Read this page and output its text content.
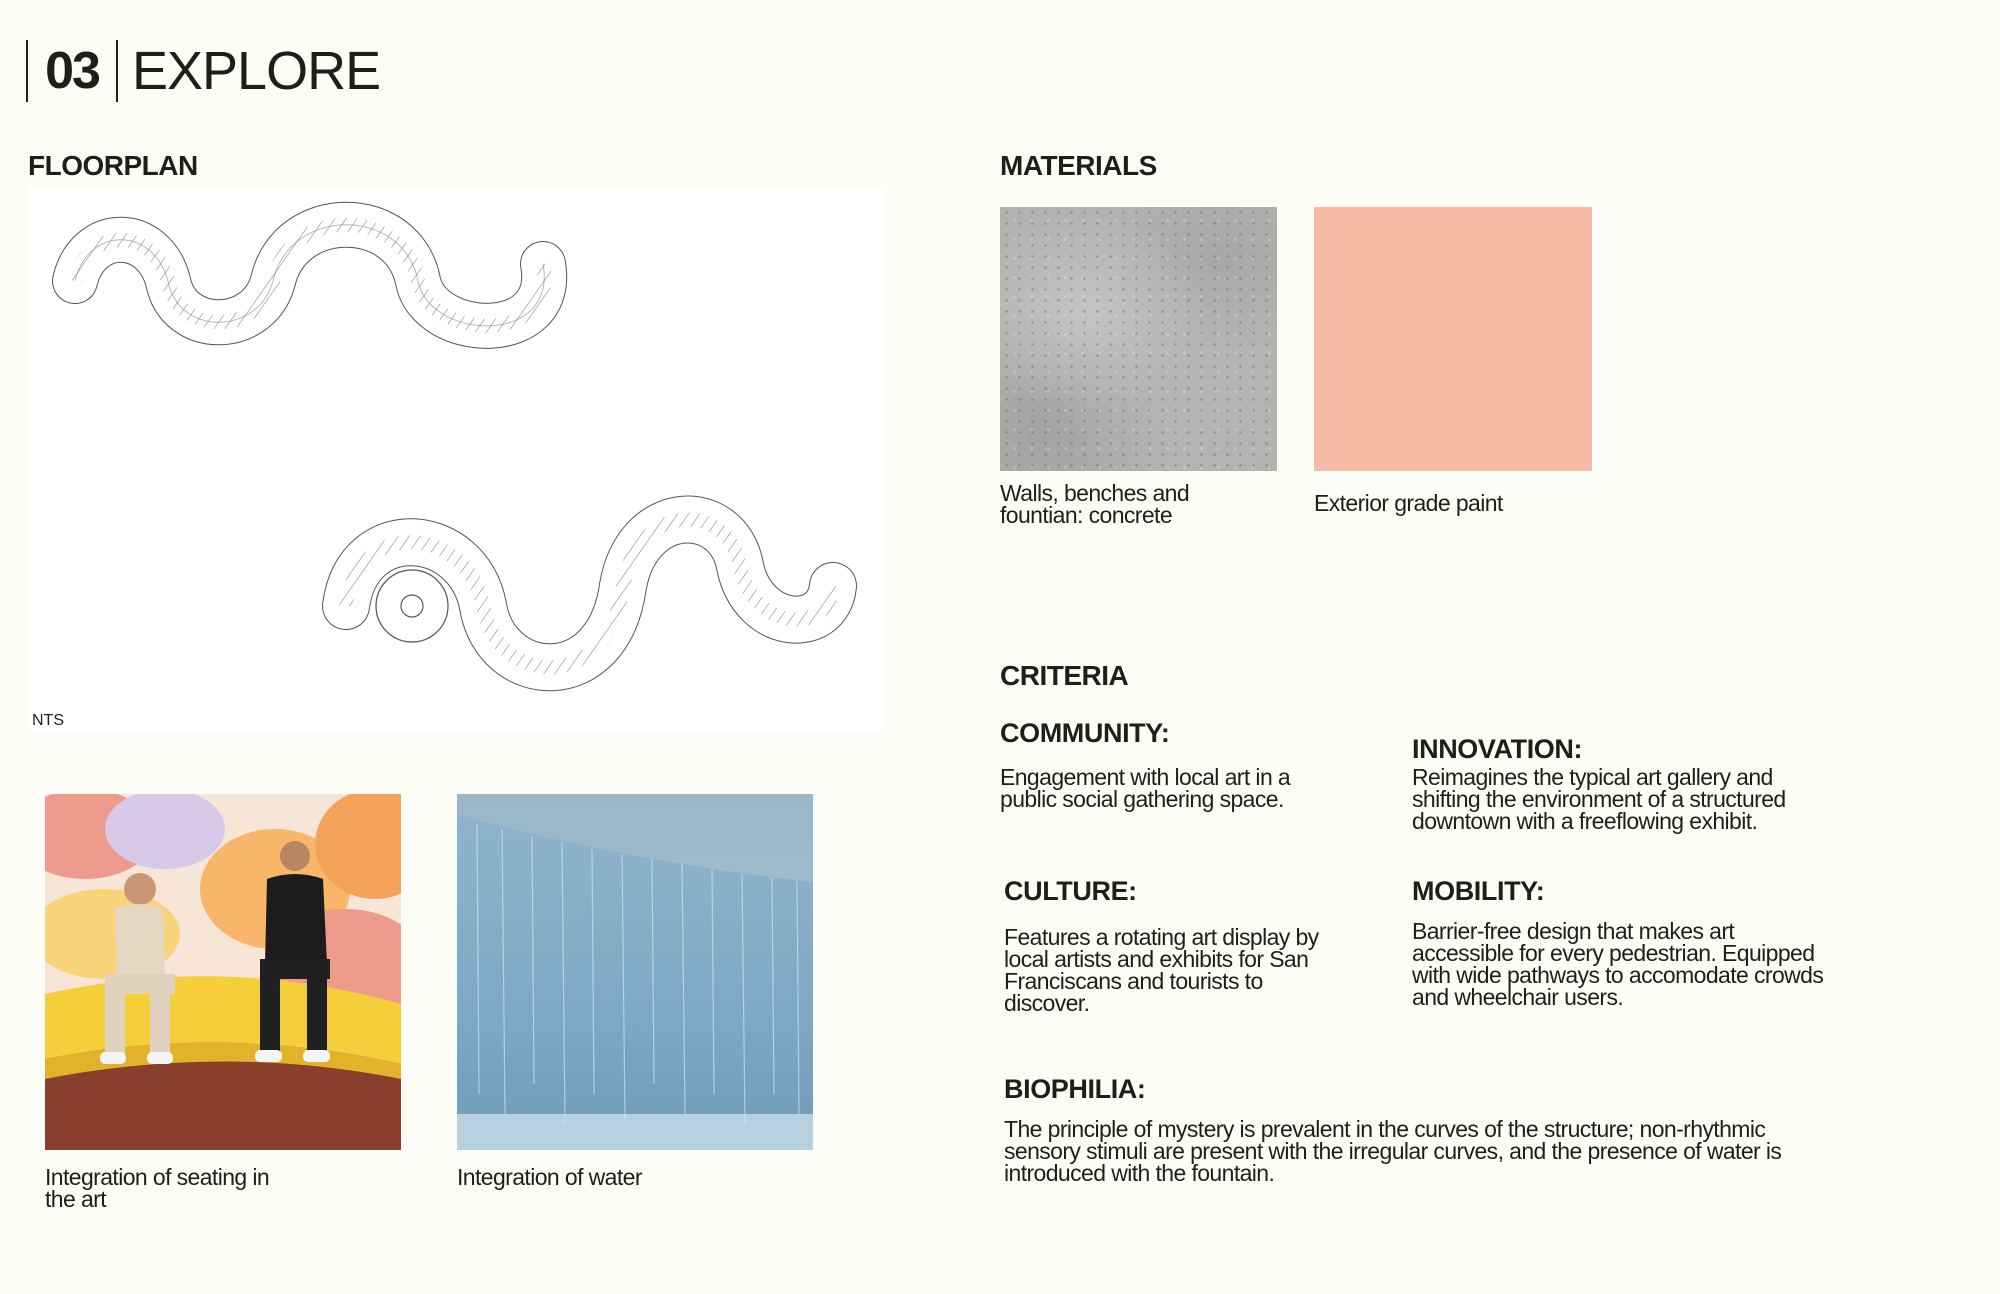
03 EXPLORE
FLOORPLAN
NTS
Integration of seating in
the art
Integration of water
MATERIALS
Walls, benches and
fountian: concrete	Exterior grade paint
CRITERIA
COMMUNITY:
Engagement with local art in a
public social gathering space.
INNOVATION:
Reimagines the typical art gallery and
shifting the environment of a structured
downtown with a freeflowing exhibit.
CULTURE:
Features a rotating art display by
local artists and exhibits for San
Franciscans and tourists to
discover.
MOBILITY:
Barrier-free design that makes art
accessible for every pedestrian. Equipped
with wide pathways to accomodate crowds
and wheelchair users.
BIOPHILIA:
The principle of mystery is prevalent in the curves of the structure; non-rhythmic
sensory stimuli are present with the irregular curves, and the presence of water is
introduced with the fountain.
